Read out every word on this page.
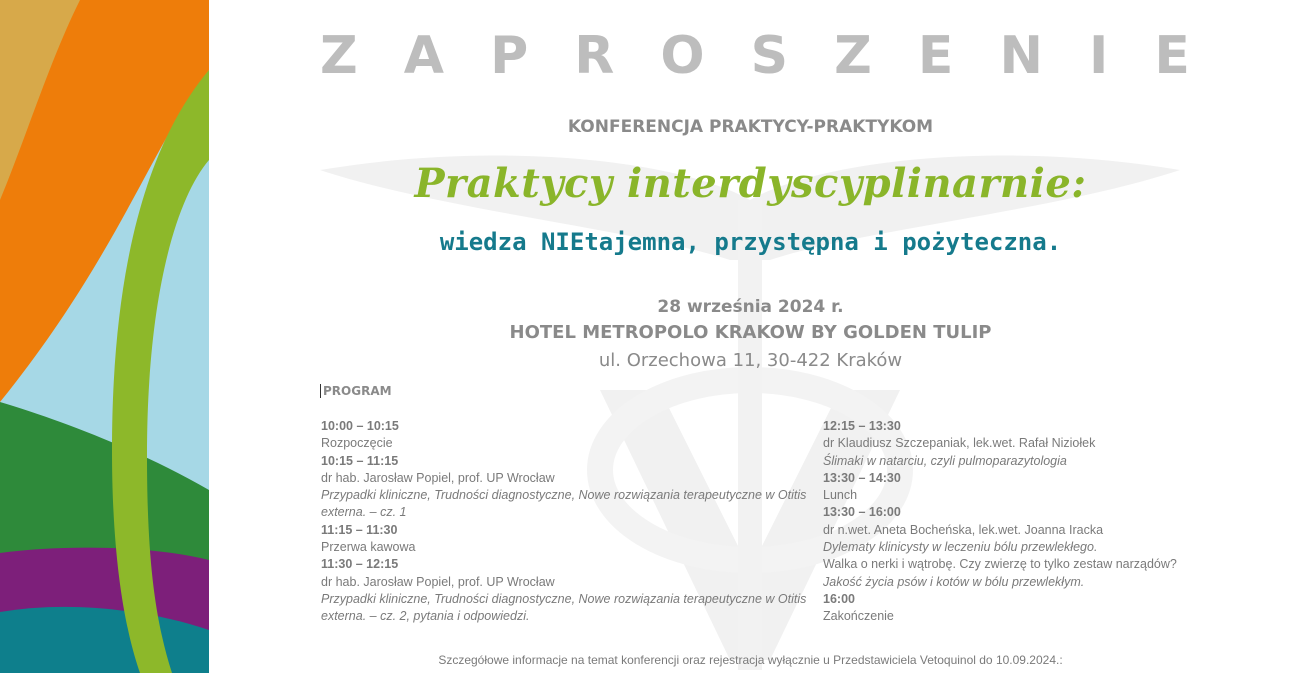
Z A P R O S Z E N I E
KONFERENCJA PRAKTYCY-PRAKTYKOM
Praktycy interdyscyplinarnie:
wiedza NIEtajemna, przystępna i pożyteczna.
28 września 2024 r.
HOTEL METROPOLO KRAKOW BY GOLDEN TULIP
ul. Orzechowa 11, 30-422 Kraków
PROGRAM
10:00 – 10:15
Rozpoczęcie
10:15 – 11:15
dr hab. Jarosław Popiel, prof. UP Wrocław
Przypadki kliniczne, Trudności diagnostyczne, Nowe rozwiązania terapeutyczne w Otitis externa. – cz. 1
11:15 – 11:30
Przerwa kawowa
11:30 – 12:15
dr hab. Jarosław Popiel, prof. UP Wrocław
Przypadki kliniczne, Trudności diagnostyczne, Nowe rozwiązania terapeutyczne w Otitis externa. – cz. 2, pytania i odpowiedzi.
12:15 – 13:30
dr Klaudiusz Szczepaniak, lek.wet. Rafał Niziołek
Ślimaki w natarciu, czyli pulmoparazytologia
13:30 – 14:30
Lunch
13:30 – 16:00
dr n.wet. Aneta Bocheńska, lek.wet. Joanna Iracka
Dylematy klinicysty w leczeniu bólu przewlekłego.
Walka o nerki i wątrobę. Czy zwierzę to tylko zestaw narządów?
Jakość życia psów i kotów w bólu przewlekłym.
16:00
Zakończenie
Szczegółowe informacje na temat konferencji oraz rejestracja wyłącznie u Przedstawiciela Vetoquinol do 10.09.2024.:
